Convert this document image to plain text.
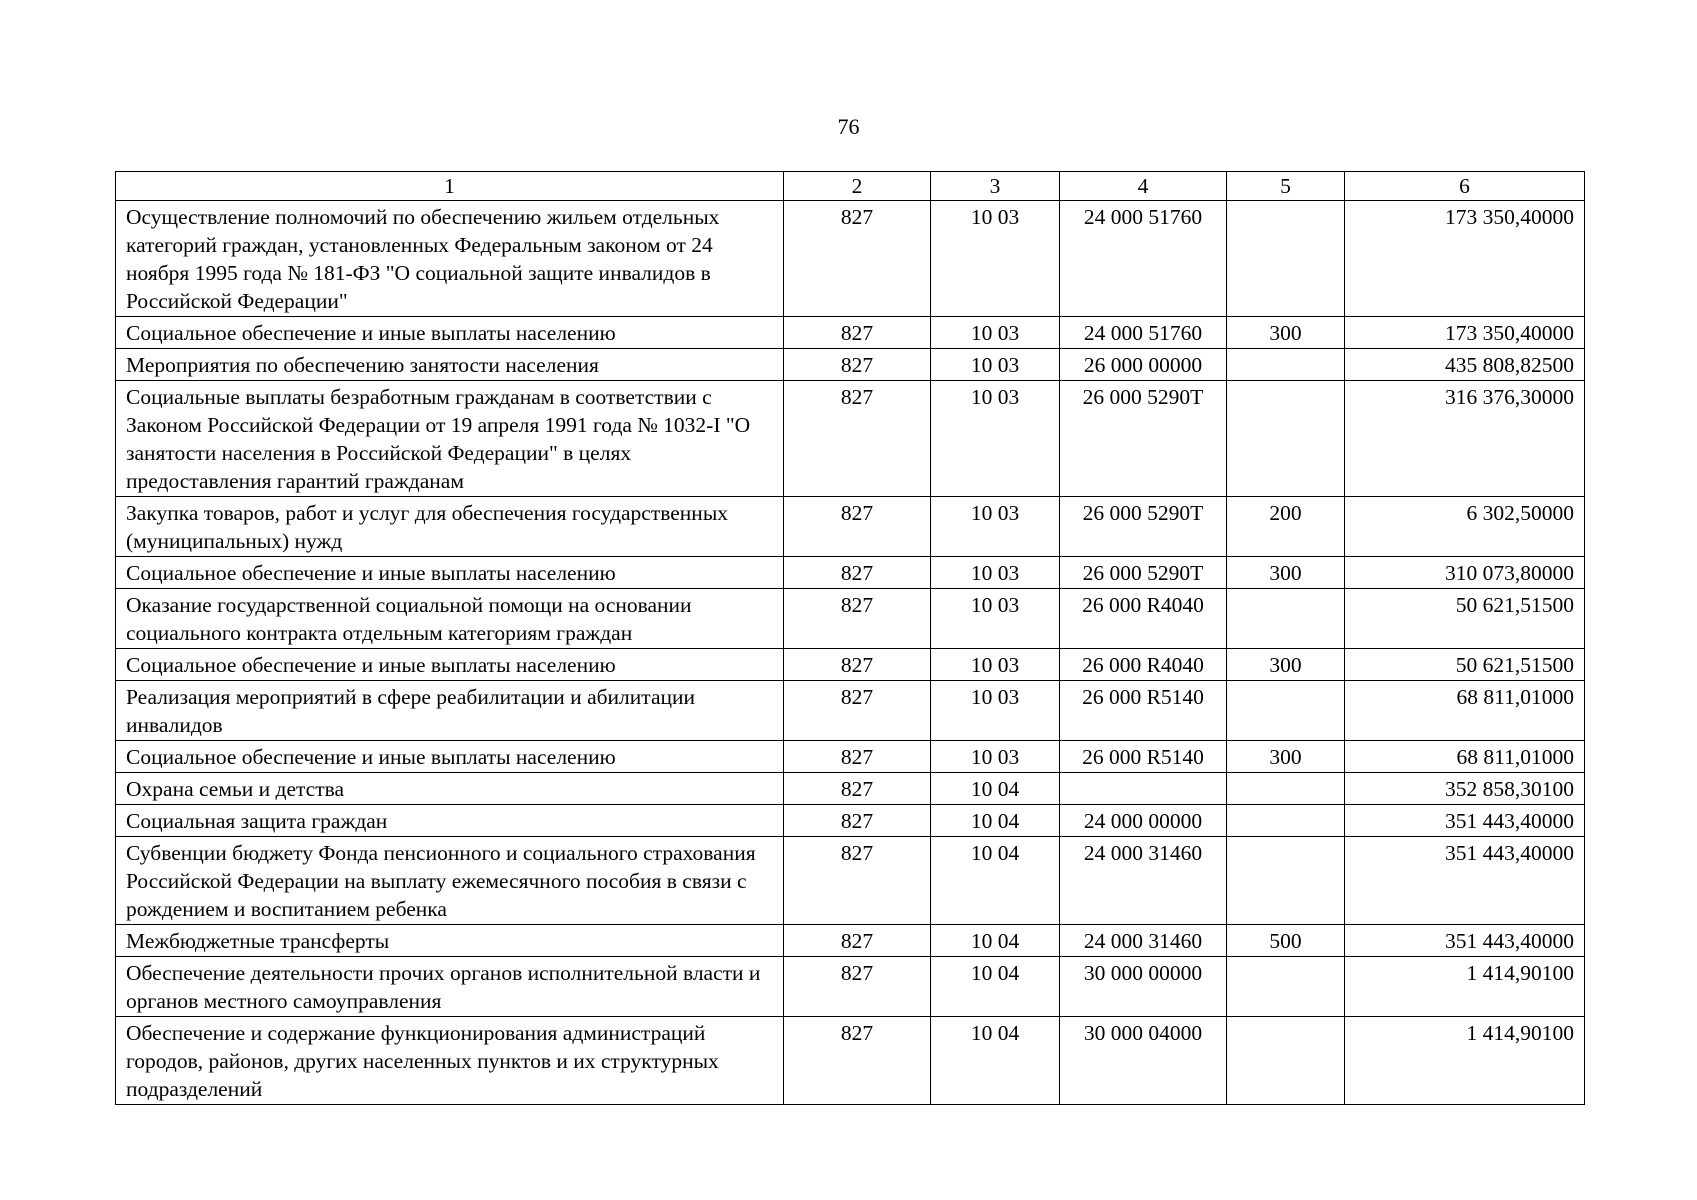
76
1	2	3	4	5	6
Осуществление полномочий по обеспечению жильем отдельных категорий граждан, установленных Федеральным законом от 24 ноября 1995 года № 181-ФЗ "О социальной защите инвалидов в Российской Федерации"	827	10 03	24 000 51760		173 350,40000
Социальное обеспечение и иные выплаты населению	827	10 03	24 000 51760	300	173 350,40000
Мероприятия по обеспечению занятости населения	827	10 03	26 000 00000		435 808,82500
Социальные выплаты безработным гражданам в соответствии с Законом Российской Федерации от 19 апреля 1991 года № 1032-I "О занятости населения в Российской Федерации" в целях предоставления гарантий гражданам	827	10 03	26 000 5290Т		316 376,30000
Закупка товаров, работ и услуг для обеспечения государственных (муниципальных) нужд	827	10 03	26 000 5290Т	200	6 302,50000
Социальное обеспечение и иные выплаты населению	827	10 03	26 000 5290Т	300	310 073,80000
Оказание государственной социальной помощи на основании социального контракта отдельным категориям граждан	827	10 03	26 000 R4040		50 621,51500
Социальное обеспечение и иные выплаты населению	827	10 03	26 000 R4040	300	50 621,51500
Реализация мероприятий в сфере реабилитации и абилитации инвалидов	827	10 03	26 000 R5140		68 811,01000
Социальное обеспечение и иные выплаты населению	827	10 03	26 000 R5140	300	68 811,01000
Охрана семьи и детства	827	10 04			352 858,30100
Социальная защита граждан	827	10 04	24 000 00000		351 443,40000
Субвенции бюджету Фонда пенсионного и социального страхования Российской Федерации на выплату ежемесячного пособия в связи с рождением и воспитанием ребенка	827	10 04	24 000 31460		351 443,40000
Межбюджетные трансферты	827	10 04	24 000 31460	500	351 443,40000
Обеспечение деятельности прочих органов исполнительной власти и органов местного самоуправления	827	10 04	30 000 00000		1 414,90100
Обеспечение и содержание функционирования администраций городов, районов, других населенных пунктов и их структурных подразделений	827	10 04	30 000 04000		1 414,90100
